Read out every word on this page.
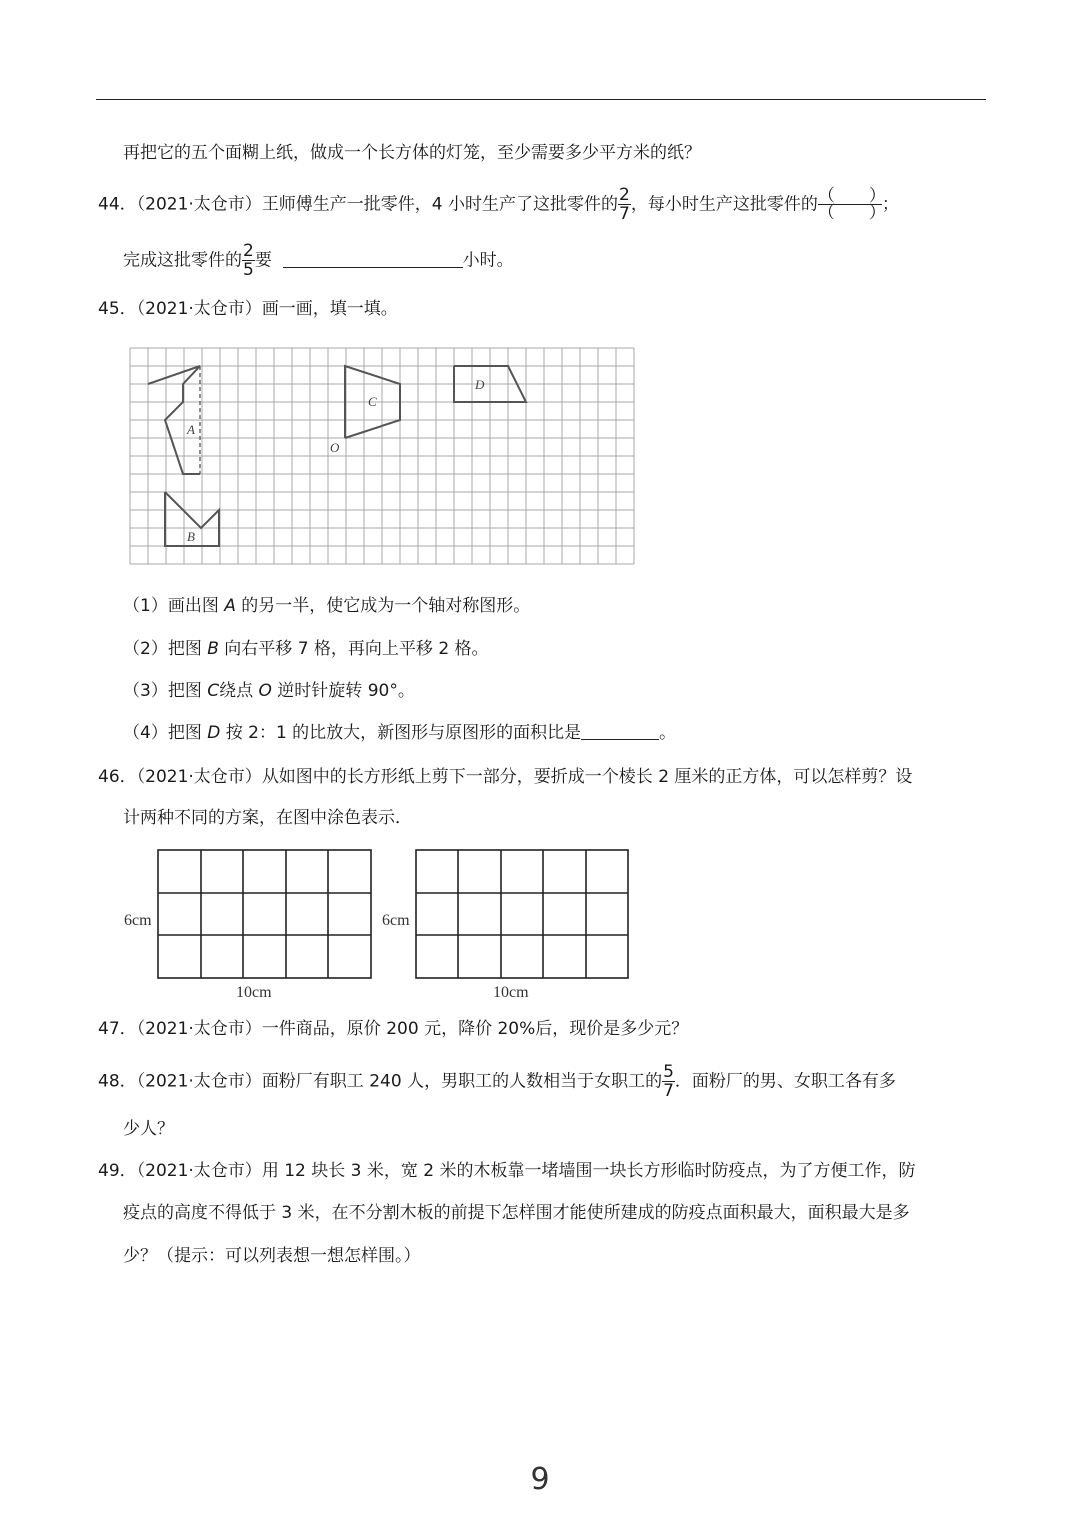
再把它的五个面糊上纸，做成一个长方体的灯笼，至少需要多少平方米的纸？
44．（2021·太仓市）王师傅生产一批零件，4 小时生产了这批零件的 $\frac{2}{7}$ ，每小时生产这批零件的 $\frac{( )}{( )}$ ；
完成这批零件的 $\frac{2}{5}$ 要	小时。
45．（2021·太仓市）画一画，填一填。
A
B
C
D
O
（1）画出图 A 的另一半，使它成为一个轴对称图形。
（2）把图 B 向右平移 7 格，再向上平移 2 格。
（3）把图 C绕点 O 逆时针旋转 90°。
（4）把图 D 按 2：1 的比放大，新图形与原图形的面积比是	。
46．（2021·太仓市）从如图中的长方形纸上剪下一部分，要折成一个棱长 2 厘米的正方体，可以怎样剪？设
计两种不同的方案，在图中涂色表示．
6cm
10cm
6cm
10cm
47．（2021·太仓市）一件商品，原价 200 元，降价 20%后，现价是多少元？
48．（2021·太仓市）面粉厂有职工 240 人，男职工的人数相当于女职工的 $\frac{5}{7}$ ．面粉厂的男、女职工各有多
少人？
49．（2021·太仓市）用 12 块长 3 米，宽 2 米的木板靠一堵墙围一块长方形临时防疫点，为了方便工作，防
疫点的高度不得低于 3 米，在不分割木板的前提下怎样围才能使所建成的防疫点面积最大，面积最大是多
少？（提示：可以列表想一想怎样围。）
9
